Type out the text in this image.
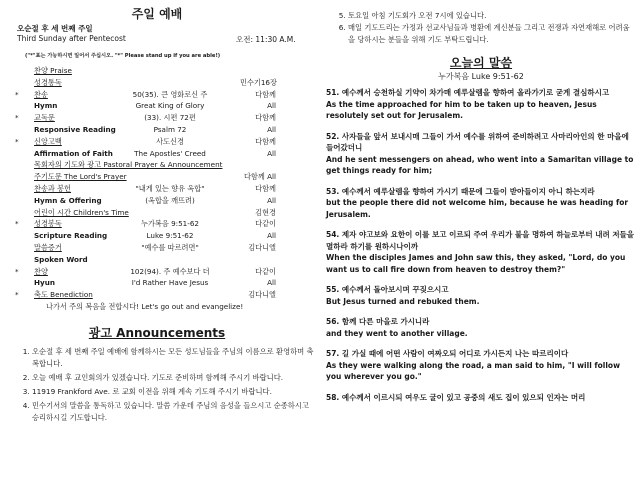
주일 예배
오순절 후 세 번째 주일
Third Sunday after Pentecost	오전: 11:30 A.M.
("*"표는 가능하시면 일어서 주십시오. "*" Please stand up if you are able!)
찬양 Praise
성경통독	민수기16장
* 찬송	50(35). 큰 영화로신 주	다함께
Hymn	Great King of Glory	All
* 교독문	(33). 시편 72편	다함께
Responsive Reading	Psalm 72	All
* 신앙고백	사도신경	다함께
Affirmation of Faith	The Apostles' Creed	All
목회자의 기도와 광고 Pastoral Prayer & Announcement
주기도문 The Lord's Prayer	다함께 All
찬송과 봉헌	"내게 있는 향유 옥합"	다함께
Hymn & Offering	(옥합을 깨뜨려)	All
어린이 시간 Children's Time	김현경
* 성경봉독	누가복음 9:51-62	다같이
Scripture Reading	Luke 9:51-62	All
말씀증거	"예수를 따르려면"	김다니엘
Spoken Word
* 찬양	102(94). 주 예수보다 더	다같이
Hyun	I'd Rather Have Jesus	All
* 축도 Benediction	김다니엘
나가서 주의 복음을 전합시다! Let's go out and evangelize!
광고 Announcements
1. 오순절 후 세 번째 주일 예배에 함께하시는 모든 성도님들을 주님의 이름으로 환영하며 축복합니다.
2. 오늘 예배 후 교인회의가 있겠습니다. 기도로 준비하며 함께해 주시기 바랍니다.
3. 11919 Frankford Ave. 로 교회 이전을 위해 계속 기도해 주시기 바랍니다.
4. 민수기서의 말씀을 통독하고 있습니다. 말씀 가운데 주님의 음성을 들으시고 순종하시고 승리하시길 기도합니다.
5. 토요일 아침 기도회가 오전 7시에 있습니다.
6. 매일 기도드리는 가정과 선교사님들과 병환에 계신분들 그리고 전쟁과 자연재해로 어려움을 당하시는 분들을 위해 기도 부탁드립니다.
오늘의 말씀
누가복음 Luke 9:51-62
51. 예수께서 승천하실 기약이 차가매 예루살렘을 향하여 올라가기로 굳게 결심하시고
As the time approached for him to be taken up to heaven, Jesus resolutely set out for Jerusalem.
52. 사자들을 앞서 보내시매 그들이 가서 예수를 위하여 준비하려고 사마리아인의 한 마을에 들어갔더니
And he sent messengers on ahead, who went into a Samaritan village to get things ready for him;
53. 예수께서 예루살렘을 향하여 가시기 때문에 그들이 받아들이지 아니 하는지라
but the people there did not welcome him, because he was heading for Jerusalem.
54. 제자 야고보와 요한이 이를 보고 이르되 주여 우리가 불을 명하여 하늘로부터 내려 저들을 멸하라 하기를 원하시나이까
When the disciples James and John saw this, they asked, "Lord, do you want us to call fire down from heaven to destroy them?"
55. 예수께서 돌아보시며 꾸짖으시고
But Jesus turned and rebuked them.
56. 함께 다른 마을로 가시니라
and they went to another village.
57. 길 가실 때에 어떤 사람이 여짜오되 어디로 가시든지 나는 따르리이다
As they were walking along the road, a man said to him, "I will follow you wherever you go."
58. 예수께서 이르시되 여우도 굴이 있고 공중의 새도 집이 있으되 인자는 머리
